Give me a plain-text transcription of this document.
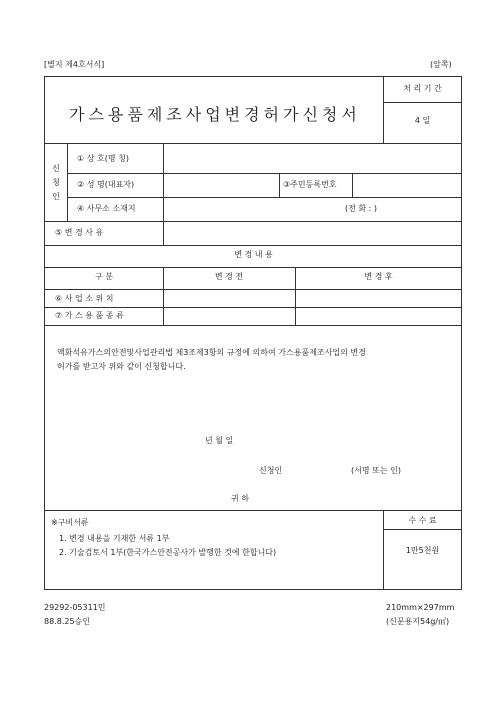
[별지 제4호서식]	(앞쪽)
가스용품제조사업변경허가신청서
처 리 기 간
4 일
신
청
인
① 상 호(명 칭)
② 성 명(대표자)	③주민등록번호
④ 사무소 소재지	(전 화 : )
⑤ 변 경 사 유
변 경 내 용
구 분	변 경 전	변 경 후
⑥ 사 업 소 위 치
⑦ 가 스 용 품 종 류
액화석유가스의안전및사업관리법 제3조제3항의 규정에 의하여 가스용품제조사업의 변경
허가를 받고자 위와 같이 신청합니다.
년 월 일
신청인	(서명 또는 인)
귀 하
수 수 료
1만5천원
※구비서류
1. 변경 내용을 기재한 서류 1부
2. 기술검토서 1부(한국가스안전공사가 발행한 것에 한합니다)
29292-05311민
88.8.25승인
210mm×297mm
(신문용지54g/㎡)
